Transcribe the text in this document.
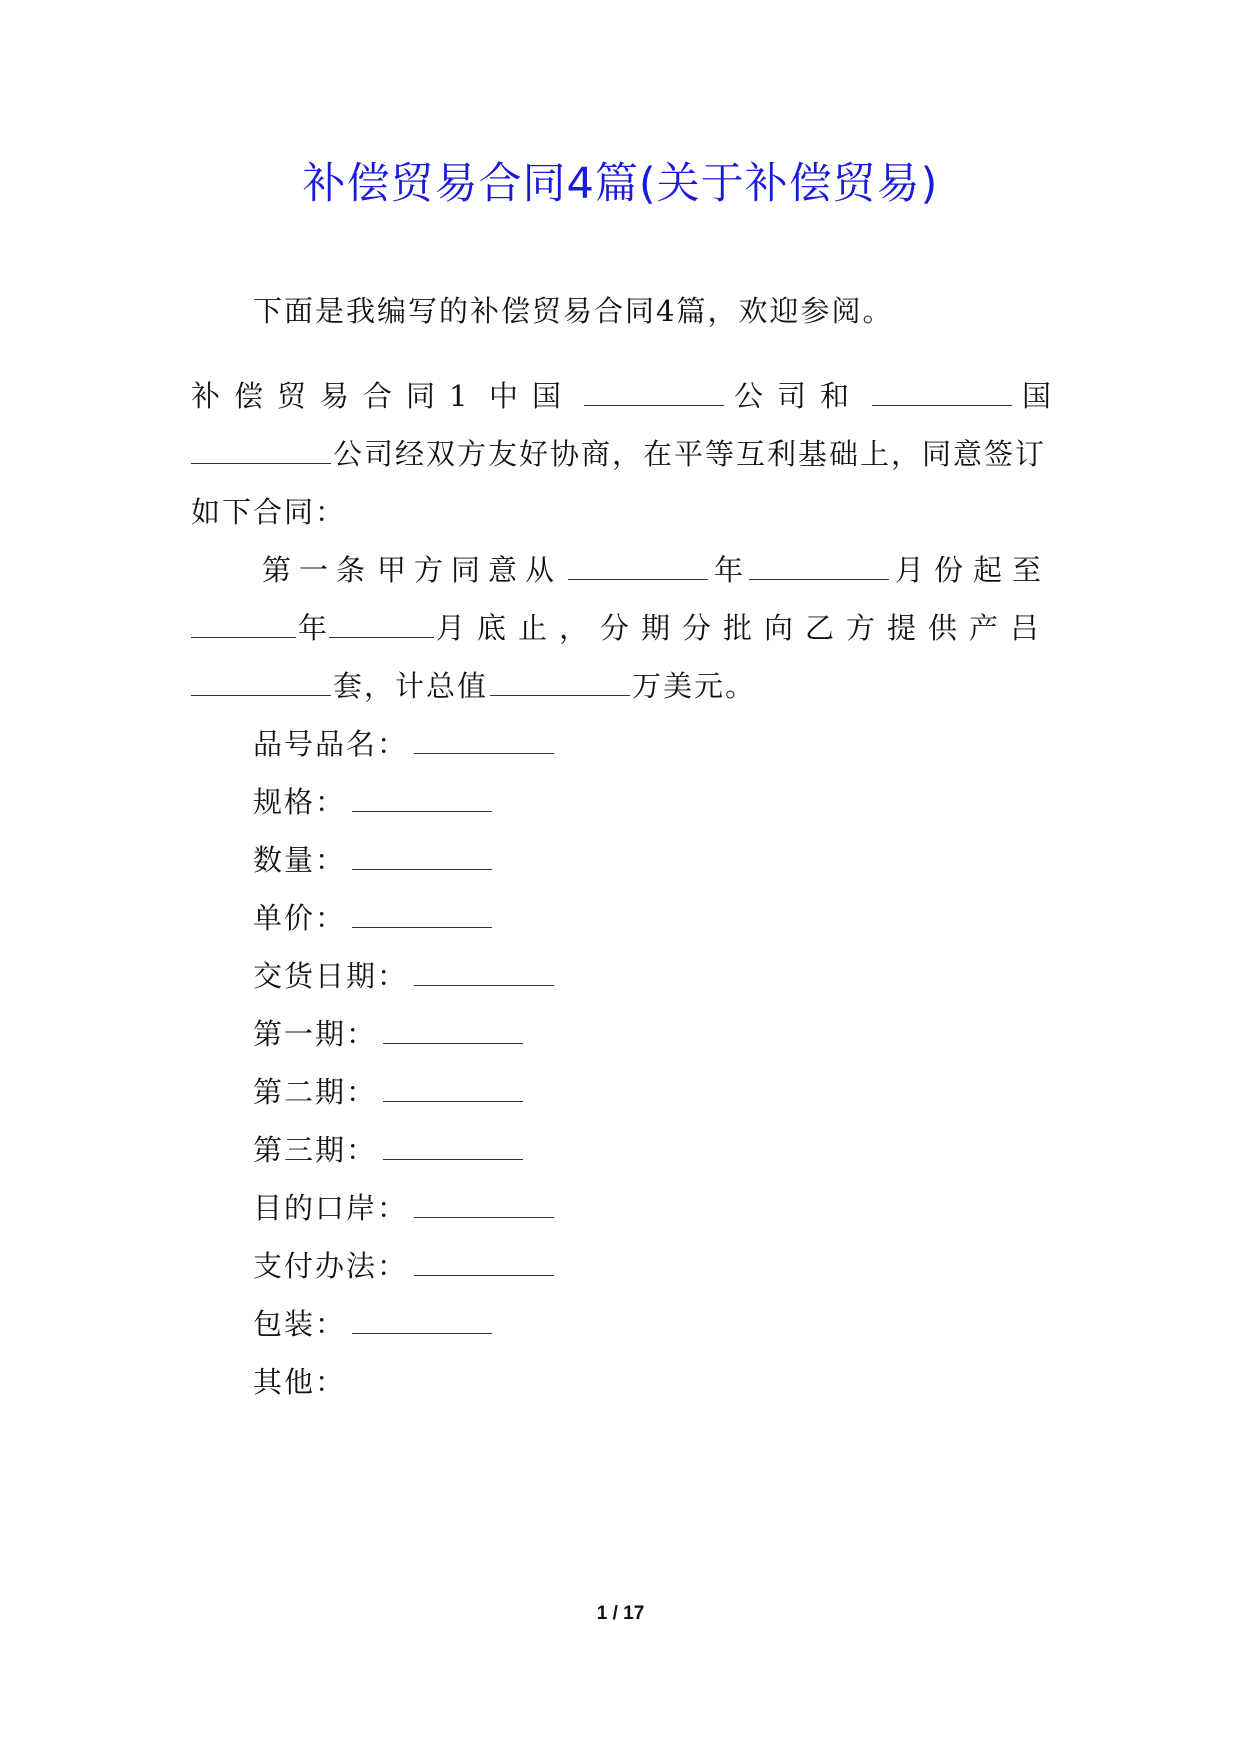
补偿贸易合同4篇(关于补偿贸易)
下面是我编写的补偿贸易合同4篇，欢迎参阅。
补偿贸易合同1 中国	公司和	国
公司经双方友好协商，在平等互利基础上，同意签订
如下合同：
第一条 甲方同意从	年	月份起至
年	月底止，分期分批向乙方提供产吕
套，计总值	万美元。
品号品名：
规格：
数量：
单价：
交货日期：
第一期：
第二期：
第三期：
目的口岸：
支付办法：
包装：
其他：
1 / 17
